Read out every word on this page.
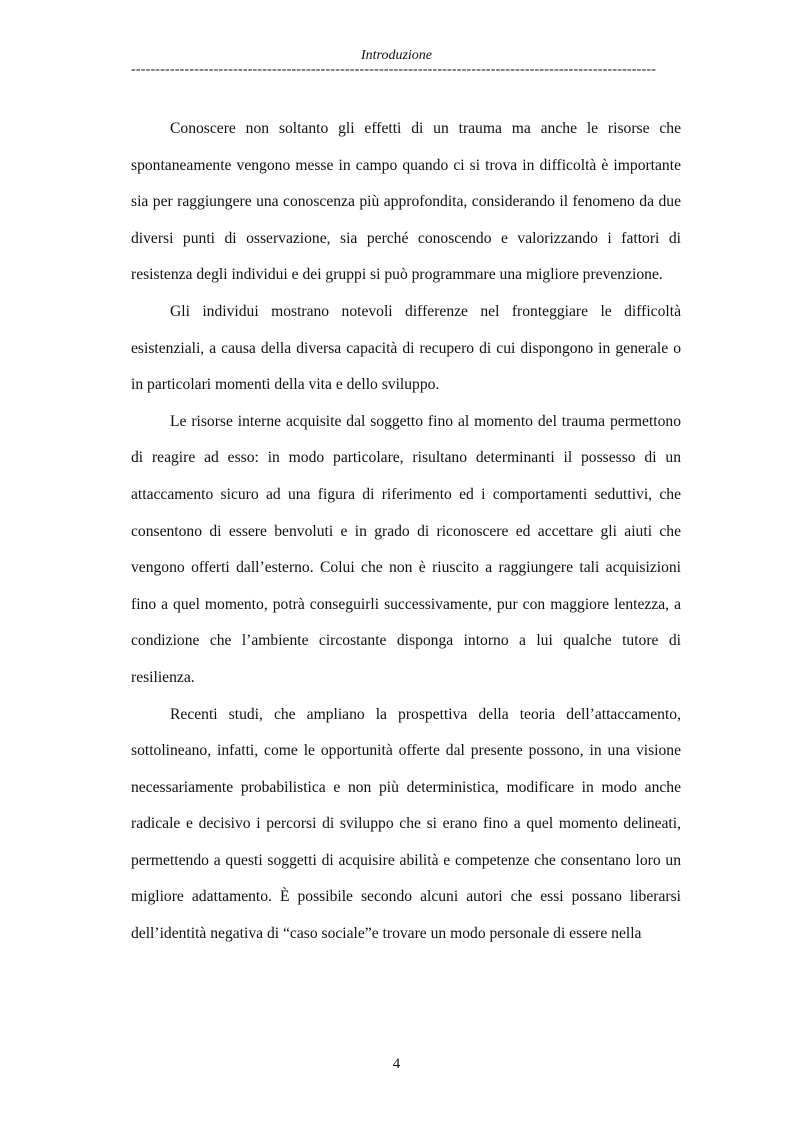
Introduzione
------------------------------------------------------------------------------------------------------------

Conoscere non soltanto gli effetti di un trauma ma anche le risorse che spontaneamente vengono messe in campo quando ci si trova in difficoltà è importante sia per raggiungere una conoscenza più approfondita, considerando il fenomeno da due diversi punti di osservazione, sia perché conoscendo e valorizzando i fattori di resistenza degli individui e dei gruppi si può programmare una migliore prevenzione.

Gli individui mostrano notevoli differenze nel fronteggiare le difficoltà esistenziali, a causa della diversa capacità di recupero di cui dispongono in generale o in particolari momenti della vita e dello sviluppo.

Le risorse interne acquisite dal soggetto fino al momento del trauma permettono di reagire ad esso: in modo particolare, risultano determinanti il possesso di un attaccamento sicuro ad una figura di riferimento ed i comportamenti seduttivi, che consentono di essere benvoluti e in grado di riconoscere ed accettare gli aiuti che vengono offerti dall’esterno. Colui che non è riuscito a raggiungere tali acquisizioni fino a quel momento, potrà conseguirli successivamente, pur con maggiore lentezza, a condizione che l’ambiente circostante disponga intorno a lui qualche tutore di resilienza.

Recenti studi, che ampliano la prospettiva della teoria dell’attaccamento, sottolineano, infatti, come le opportunità offerte dal presente possono, in una visione necessariamente probabilistica e non più deterministica, modificare in modo anche radicale e decisivo i percorsi di sviluppo che si erano fino a quel momento delineati, permettendo a questi soggetti di acquisire abilità e competenze che consentano loro un migliore adattamento. È possibile secondo alcuni autori che essi possano liberarsi dell’identità negativa di “caso sociale”e trovare un modo personale di essere nella

4
